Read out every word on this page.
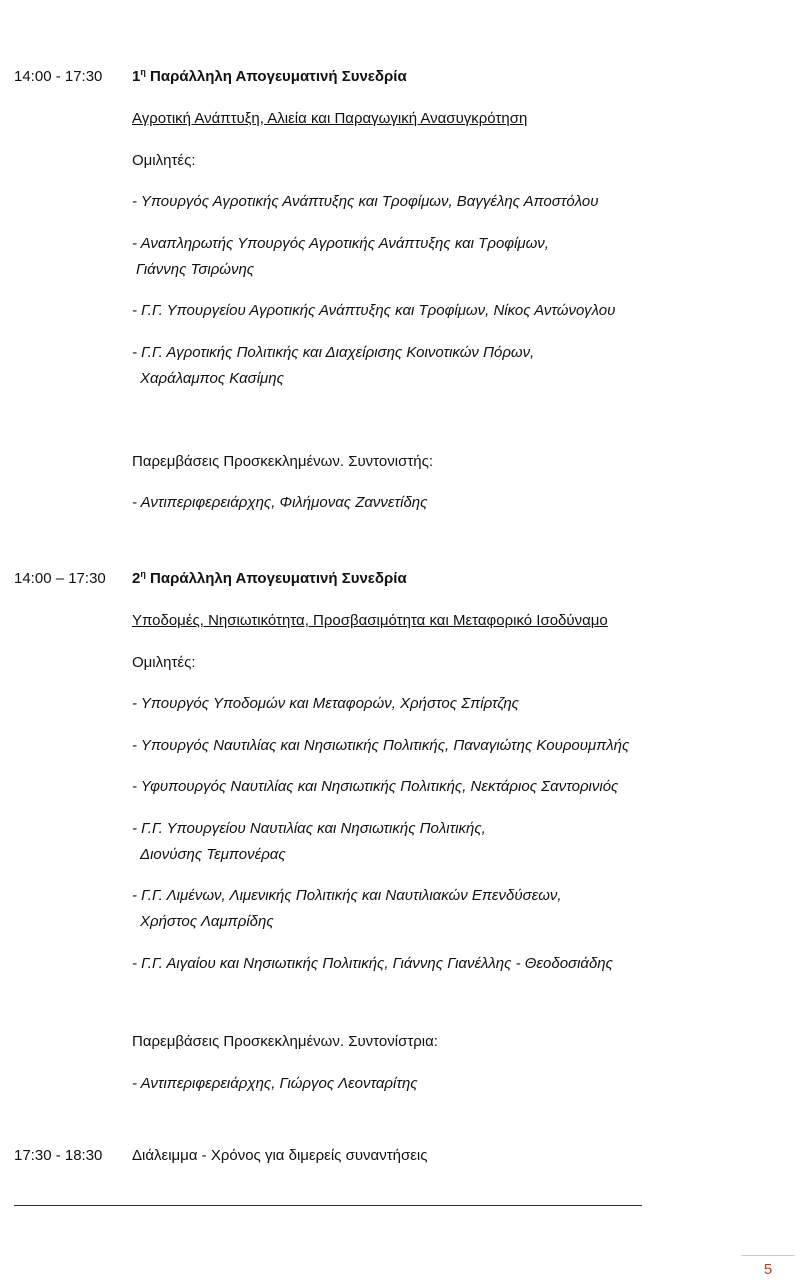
14:00 - 17:30 $1^\eta$ Παράλληλη Απογευματινή Συνεδρία
Αγροτική Ανάπτυξη, Αλιεία και Παραγωγική Ανασυγκρότηση
Ομιλητές:
- Υπουργός Αγροτικής Ανάπτυξης και Τροφίμων, Βαγγέλης Αποστόλου
- Αναπληρωτής Υπουργός Αγροτικής Ανάπτυξης και Τροφίμων,
Γιάννης Τσιρώνης
- Γ.Γ. Υπουργείου Αγροτικής Ανάπτυξης και Τροφίμων, Νίκος Αντώνογλου
- Γ.Γ. Αγροτικής Πολιτικής και Διαχείρισης Κοινοτικών Πόρων,
Χαράλαμπος Κασίμης
Παρεμβάσεις Προσκεκλημένων. Συντονιστής:
- Αντιπεριφερειάρχης, Φιλήμονας Ζαννετίδης
14:00 – 17:30 $2^\eta$ Παράλληλη Απογευματινή Συνεδρία
Υποδομές, Νησιωτικότητα, Προσβασιμότητα και Μεταφορικό Ισοδύναμο
Ομιλητές:
- Υπουργός Υποδομών και Μεταφορών, Χρήστος Σπίρτζης
- Υπουργός Ναυτιλίας και Νησιωτικής Πολιτικής, Παναγιώτης Κουρουμπλής
- Υφυπουργός Ναυτιλίας και Νησιωτικής Πολιτικής, Νεκτάριος Σαντορινιός
- Γ.Γ. Υπουργείου Ναυτιλίας και Νησιωτικής Πολιτικής,
Διονύσης Τεμπονέρας
- Γ.Γ. Λιμένων, Λιμενικής Πολιτικής και Ναυτιλιακών Επενδύσεων,
Χρήστος Λαμπρίδης
- Γ.Γ. Αιγαίου και Νησιωτικής Πολιτικής, Γιάννης Γιανέλλης - Θεοδοσιάδης
Παρεμβάσεις Προσκεκλημένων. Συντονίστρια:
- Αντιπεριφερειάρχης, Γιώργος Λεονταρίτης
17:30 - 18:30 Διάλειμμα - Χρόνος για διμερείς συναντήσεις
5
